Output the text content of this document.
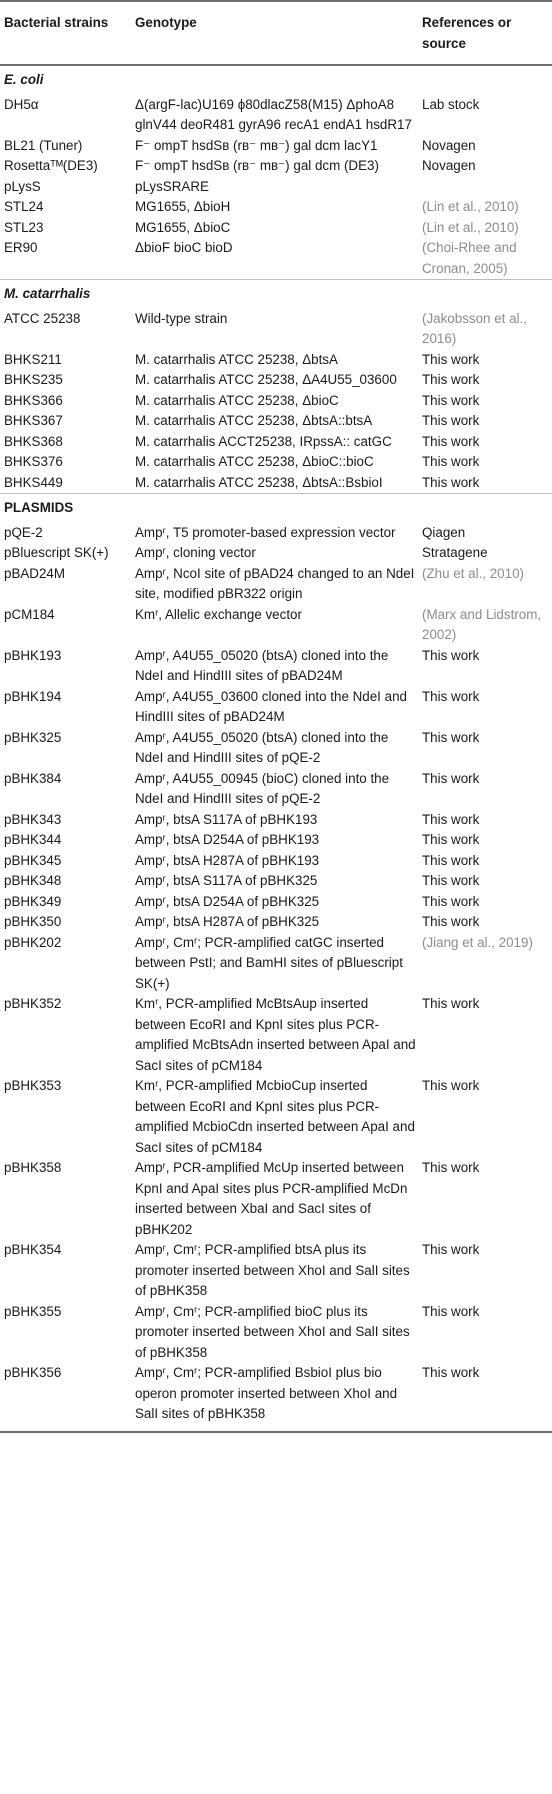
Bacterial strains	Genotype	References or source
E. coli		
DH5α	Δ(argF-lac)U169 ϕ80dlacZ58(M15) ΔphoA8 glnV44 deoR481 gyrA96 recA1 endA1 hsdR17	Lab stock
BL21 (Tuner)	F⁻ ompT hsdSʙ (rʙ⁻ mʙ⁻) gal dcm lacY1	Novagen
Rosettaᵀᴹ(DE3) pLysS	F⁻ ompT hsdSʙ (rʙ⁻ mʙ⁻) gal dcm (DE3) pLysSRARE	Novagen
STL24	MG1655, ΔbioH	(Lin et al., 2010)
STL23	MG1655, ΔbioC	(Lin et al., 2010)
ER90	ΔbioF bioC bioD	(Choi-Rhee and Cronan, 2005)
M. catarrhalis		
ATCC 25238	Wild-type strain	(Jakobsson et al., 2016)
BHKS211	M. catarrhalis ATCC 25238, ΔbtsA	This work
BHKS235	M. catarrhalis ATCC 25238, ΔA4U55_03600	This work
BHKS366	M. catarrhalis ATCC 25238, ΔbioC	This work
BHKS367	M. catarrhalis ATCC 25238, ΔbtsA::btsA	This work
BHKS368	M. catarrhalis ACCT25238, IRpssA:: catGC	This work
BHKS376	M. catarrhalis ATCC 25238, ΔbioC::bioC	This work
BHKS449	M. catarrhalis ATCC 25238, ΔbtsA::BsbioI	This work
PLASMIDS		
pQE-2	Ampʳ, T5 promoter-based expression vector	Qiagen
pBluescript SK(+)	Ampʳ, cloning vector	Stratagene
pBAD24M	Ampʳ, NcoI site of pBAD24 changed to an NdeI site, modified pBR322 origin	(Zhu et al., 2010)
pCM184	Kmʳ, Allelic exchange vector	(Marx and Lidstrom, 2002)
pBHK193	Ampʳ, A4U55_05020 (btsA) cloned into the NdeI and HindIII sites of pBAD24M	This work
pBHK194	Ampʳ, A4U55_03600 cloned into the NdeI and HindIII sites of pBAD24M	This work
pBHK325	Ampʳ, A4U55_05020 (btsA) cloned into the NdeI and HindIII sites of pQE-2	This work
pBHK384	Ampʳ, A4U55_00945 (bioC) cloned into the NdeI and HindIII sites of pQE-2	This work
pBHK343	Ampʳ, btsA S117A of pBHK193	This work
pBHK344	Ampʳ, btsA D254A of pBHK193	This work
pBHK345	Ampʳ, btsA H287A of pBHK193	This work
pBHK348	Ampʳ, btsA S117A of pBHK325	This work
pBHK349	Ampʳ, btsA D254A of pBHK325	This work
pBHK350	Ampʳ, btsA H287A of pBHK325	This work
pBHK202	Ampʳ, Cmʳ; PCR-amplified catGC inserted between PstI; and BamHI sites of pBluescript SK(+)	(Jiang et al., 2019)
pBHK352	Kmʳ, PCR-amplified McBtsAup inserted between EcoRI and KpnI sites plus PCR-amplified McBtsAdn inserted between ApaI and SacI sites of pCM184	This work
pBHK353	Kmʳ, PCR-amplified McbioCup inserted between EcoRI and KpnI sites plus PCR-amplified McbioCdn inserted between ApaI and SacI sites of pCM184	This work
pBHK358	Ampʳ, PCR-amplified McUp inserted between KpnI and ApaI sites plus PCR-amplified McDn inserted between XbaI and SacI sites of pBHK202	This work
pBHK354	Ampʳ, Cmʳ; PCR-amplified btsA plus its promoter inserted between XhoI and SalI sites of pBHK358	This work
pBHK355	Ampʳ, Cmʳ; PCR-amplified bioC plus its promoter inserted between XhoI and SalI sites of pBHK358	This work
pBHK356	Ampʳ, Cmʳ; PCR-amplified BsbioI plus bio operon promoter inserted between XhoI and SalI sites of pBHK358	This work
